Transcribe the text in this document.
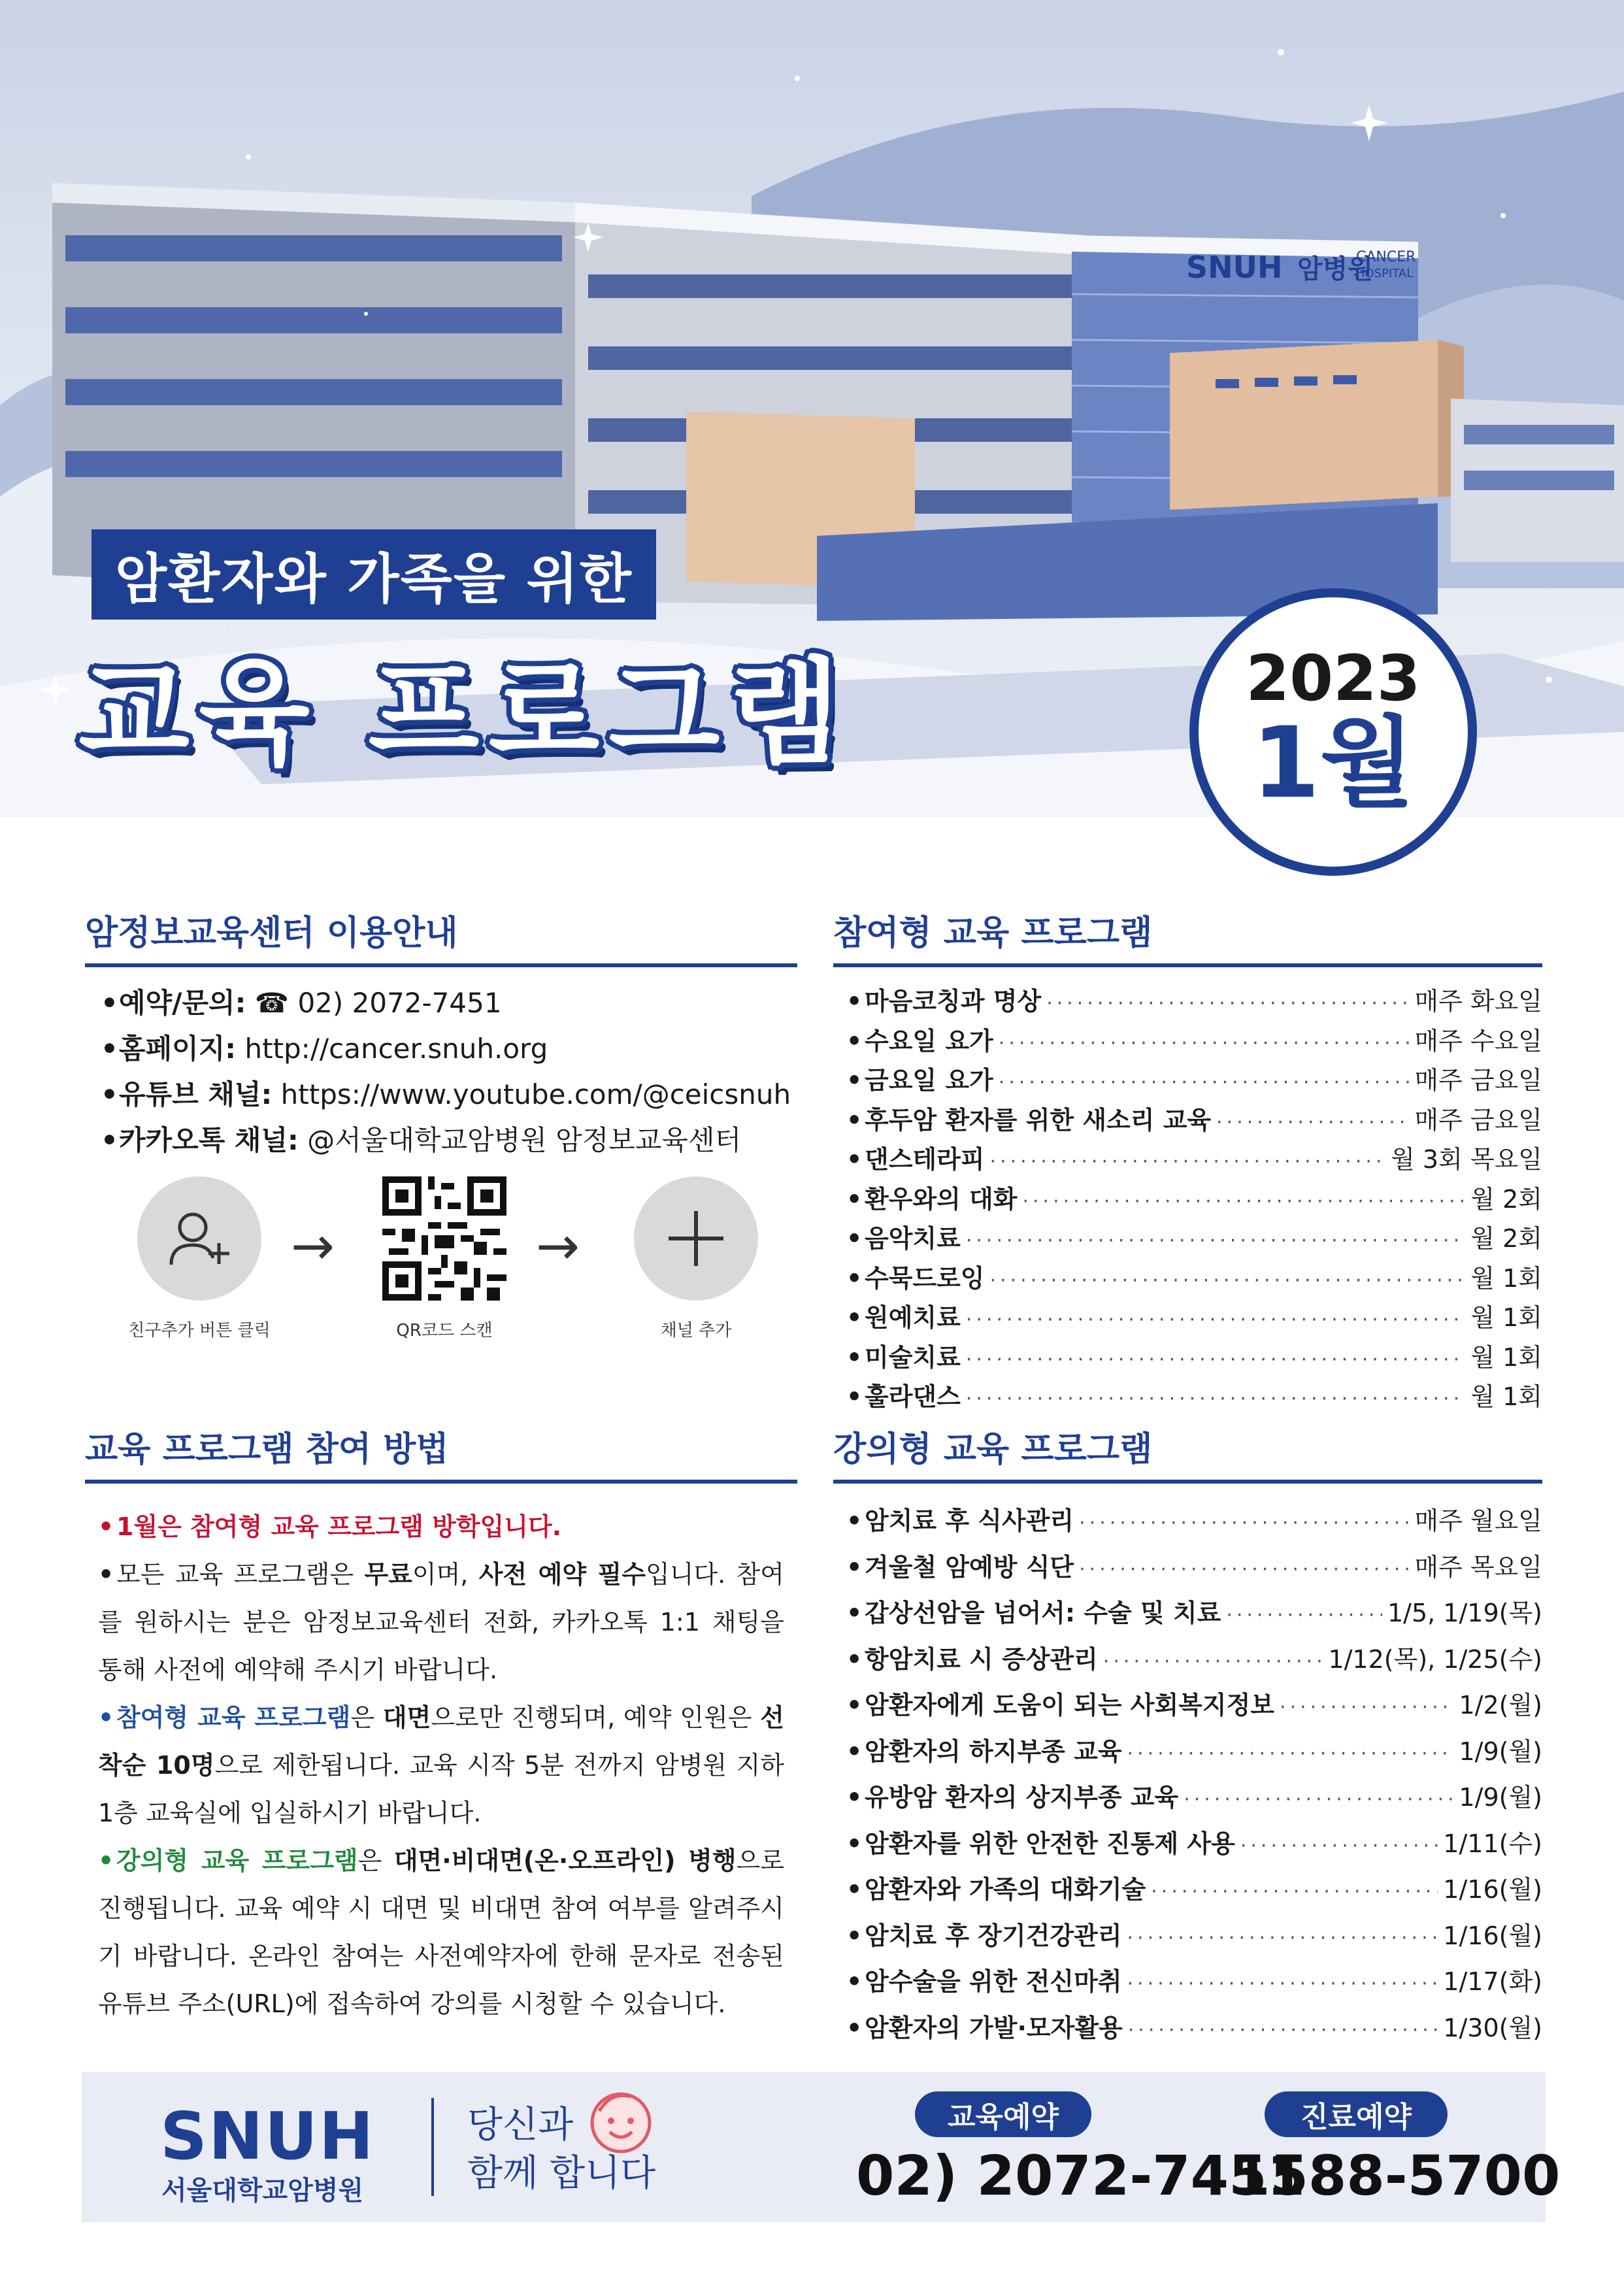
SNUH 암병원
CANCER
HOSPITAL
암환자와 가족을 위한
교육 프로그램	2023
1월
암정보교육센터 이용안내
•예약/문의: ☎ 02) 2072-7451
•홈페이지: http://cancer.snuh.org
•유튜브 채널: https://www.youtube.com/@ceicsnuh
•카카오톡 채널: @서울대학교암병원 암정보교육센터
→	→
친구추가 버튼 클릭	QR코드 스캔	채널 추가
참여형 교육 프로그램
• 마음코칭과 명상 ·····	매주 화요일
• 수요일 요가 ·····	매주 수요일
• 금요일 요가 ·····	매주 금요일
• 후두암 환자를 위한 새소리 교육 ·····	매주 금요일
• 댄스테라피 ·····	월 3회 목요일
• 환우와의 대화 ·····	월 2회
• 음악치료 ·····	월 2회
• 수묵드로잉 ·····	월 1회
• 원예치료 ·····	월 1회
• 미술치료 ·····	월 1회
• 훌라댄스 ·····	월 1회
교육 프로그램 참여 방법
•1월은 참여형 교육 프로그램 방학입니다.
•모든 교육 프로그램은 무료이며, 사전 예약 필수입니다. 참여를 원하시는 분은 암정보교육센터 전화, 카카오톡 1:1 채팅을 통해 사전에 예약해 주시기 바랍니다.
•참여형 교육 프로그램은 대면으로만 진행되며, 예약 인원은 선착순 10명으로 제한됩니다. 교육 시작 5분 전까지 암병원 지하 1층 교육실에 입실하시기 바랍니다.
•강의형 교육 프로그램은 대면·비대면(온·오프라인) 병행으로 진행됩니다. 교육 예약 시 대면 및 비대면 참여 여부를 알려주시기 바랍니다. 온라인 참여는 사전예약자에 한해 문자로 전송된 유튜브 주소(URL)에 접속하여 강의를 시청할 수 있습니다.
강의형 교육 프로그램
• 암치료 후 식사관리 ·····	매주 월요일
• 겨울철 암예방 식단 ·····	매주 목요일
• 갑상선암을 넘어서: 수술 및 치료 ·····	1/5, 1/19(목)
• 항암치료 시 증상관리 ·····	1/12(목), 1/25(수)
• 암환자에게 도움이 되는 사회복지정보 ·····	1/2(월)
• 암환자의 하지부종 교육 ·····	1/9(월)
• 유방암 환자의 상지부종 교육 ·····	1/9(월)
• 암환자를 위한 안전한 진통제 사용 ·····	1/11(수)
• 암환자와 가족의 대화기술 ·····	1/16(월)
• 암치료 후 장기건강관리 ·····	1/16(월)
• 암수술을 위한 전신마취 ·····	1/17(화)
• 암환자의 가발·모자활용 ·····	1/30(월)
SNUH
서울대학교암병원
당신과
함께 합니다
교육예약
02) 2072-7451
진료예약
1588-5700
